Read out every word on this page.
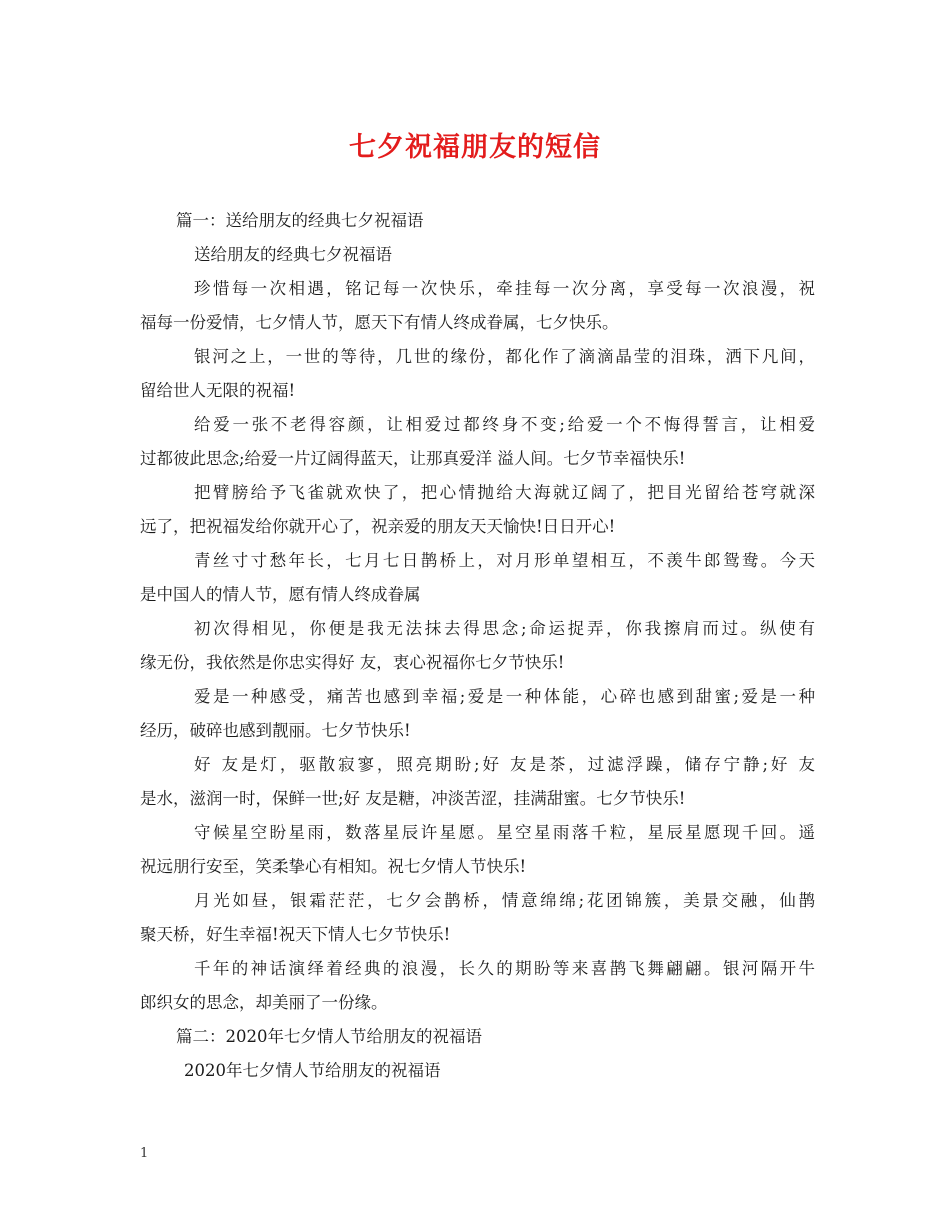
七夕祝福朋友的短信
篇一：送给朋友的经典七夕祝福语
送给朋友的经典七夕祝福语
珍惜每一次相遇，铭记每一次快乐，牵挂每一次分离，享受每一次浪漫，祝
福每一份爱情，七夕情人节，愿天下有情人终成眷属，七夕快乐。
银河之上，一世的等待，几世的缘份，都化作了滴滴晶莹的泪珠，洒下凡间，
留给世人无限的祝福!
给爱一张不老得容颜，让相爱过都终身不变;给爱一个不悔得誓言，让相爱
过都彼此思念;给爱一片辽阔得蓝天，让那真爱洋 溢人间。七夕节幸福快乐!
把臂膀给予飞雀就欢快了，把心情抛给大海就辽阔了，把目光留给苍穹就深
远了，把祝福发给你就开心了，祝亲爱的朋友天天愉快!日日开心!
青丝寸寸愁年长，七月七日鹊桥上，对月形单望相互，不羡牛郎鸳鸯。今天
是中国人的情人节，愿有情人终成眷属
初次得相见，你便是我无法抹去得思念;命运捉弄，你我擦肩而过。纵使有
缘无份，我依然是你忠实得好 友，衷心祝福你七夕节快乐!
爱是一种感受，痛苦也感到幸福;爱是一种体能，心碎也感到甜蜜;爱是一种
经历，破碎也感到靓丽。七夕节快乐!
好 友是灯，驱散寂寥，照亮期盼;好 友是茶，过滤浮躁，储存宁静;好 友
是水，滋润一时，保鲜一世;好 友是糖，冲淡苦涩，挂满甜蜜。七夕节快乐!
守候星空盼星雨，数落星辰许星愿。星空星雨落千粒，星辰星愿现千回。遥
祝远朋行安至，笑柔挚心有相知。祝七夕情人节快乐!
月光如昼，银霜茫茫，七夕会鹊桥，情意绵绵;花团锦簇，美景交融，仙鹊
聚天桥，好生幸福!祝天下情人七夕节快乐!
千年的神话演绎着经典的浪漫，长久的期盼等来喜鹊飞舞翩翩。银河隔开牛
郎织女的思念，却美丽了一份缘。
篇二：2020年七夕情人节给朋友的祝福语
2020年七夕情人节给朋友的祝福语
1
